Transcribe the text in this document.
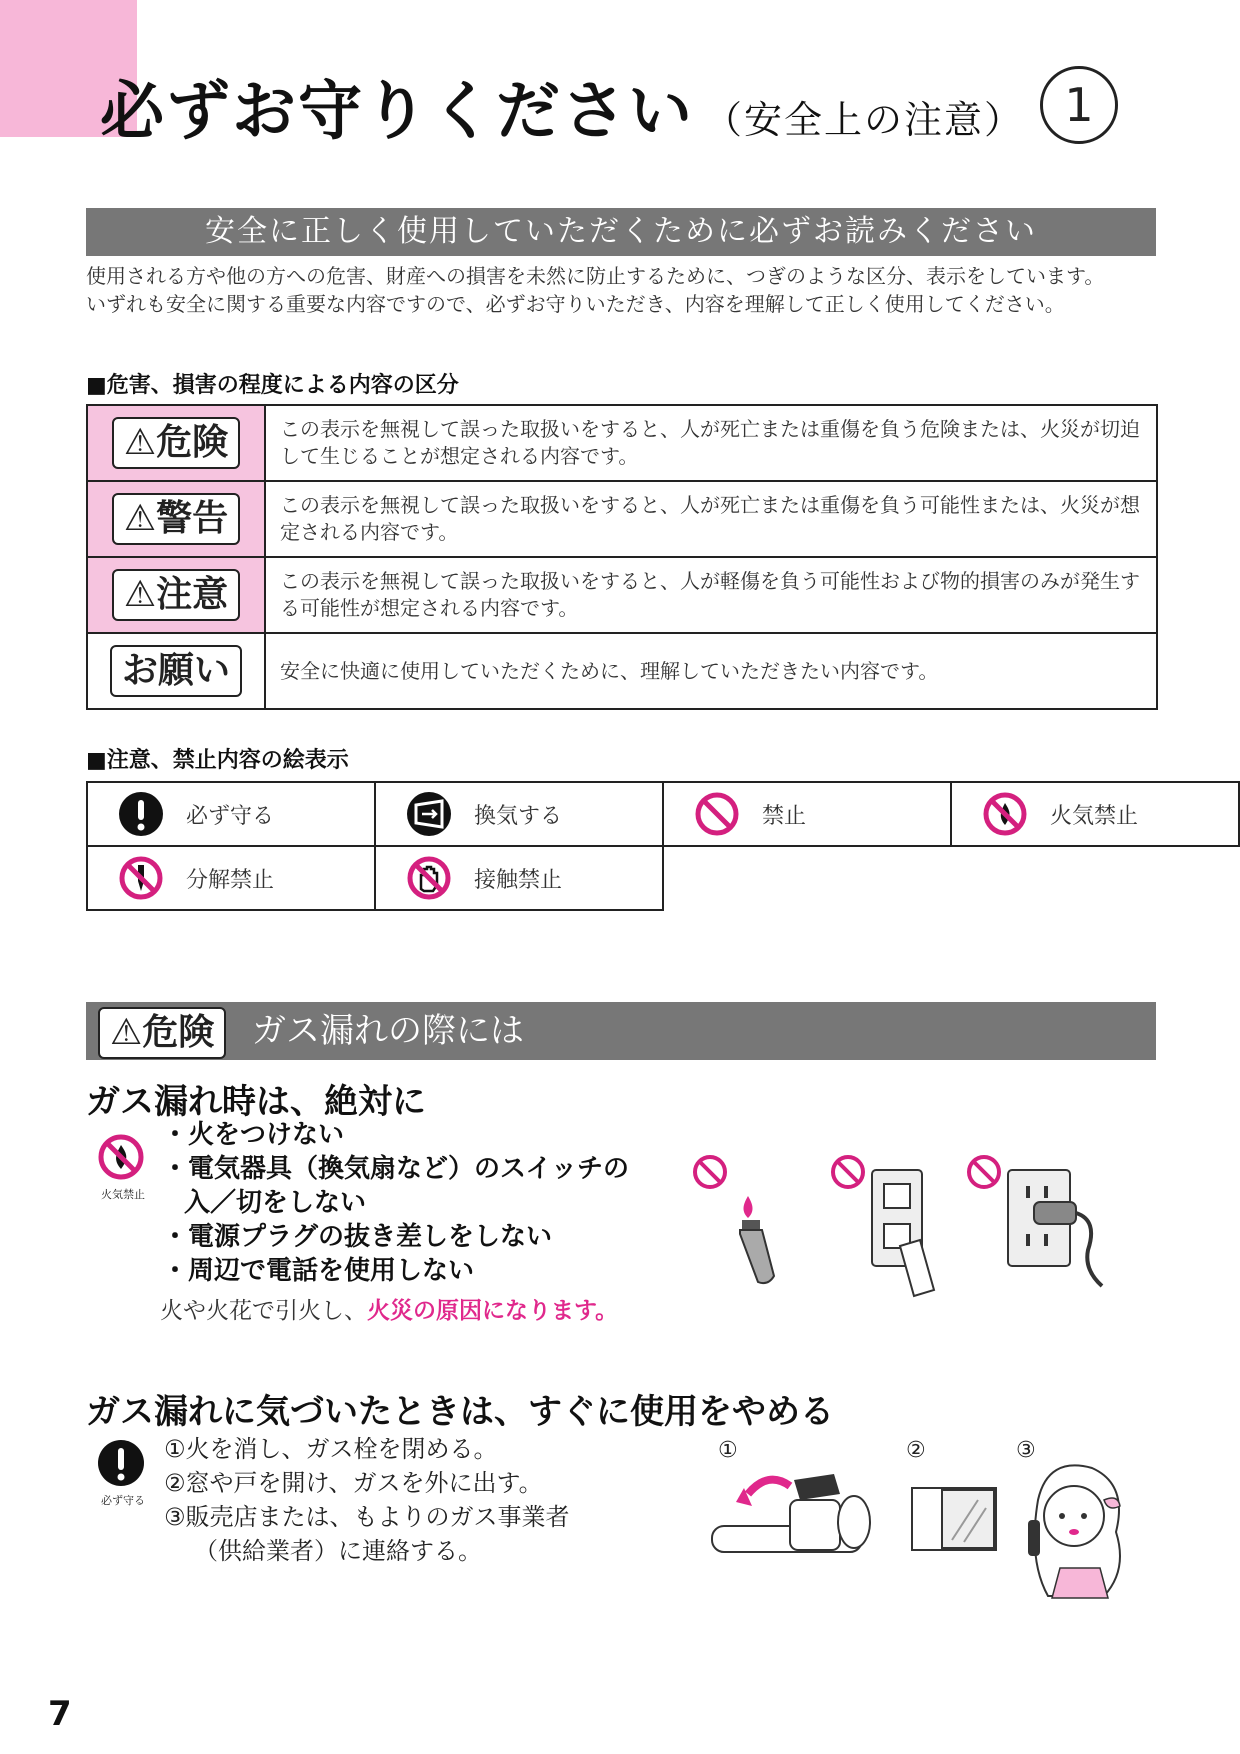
必ずお守りください （安全上の注意） 1
安全に正しく使用していただくために必ずお読みください
使用される方や他の方への危害、財産への損害を未然に防止するために、つぎのような区分、表示をしています。
いずれも安全に関する重要な内容ですので、必ずお守りいただき、内容を理解して正しく使用してください。
■危害、損害の程度による内容の区分
⚠危険	この表示を無視して誤った取扱いをすると、人が死亡または重傷を負う危険または、火災が切迫して生じることが想定される内容です。
⚠警告	この表示を無視して誤った取扱いをすると、人が死亡または重傷を負う可能性または、火災が想定される内容です。
⚠注意	この表示を無視して誤った取扱いをすると、人が軽傷を負う可能性および物的損害のみが発生する可能性が想定される内容です。
お願い	安全に快適に使用していただくために、理解していただきたい内容です。
■注意、禁止内容の絵表示
必ず守る	換気する	禁止	火気禁止

分解禁止	接触禁止		

⚠危険	ガス漏れの際には
ガス漏れ時は、絶対に
火気禁止
・火をつけない
・電気器具（換気扇など）のスイッチの
入／切をしない
・電源プラグの抜き差しをしない
・周辺で電話を使用しない
火や火花で引火し、火災の原因になります。
ガス漏れに気づいたときは、すぐに使用をやめる
必ず守る
①火を消し、ガス栓を閉める。
②窓や戸を開け、ガスを外に出す。
③販売店または、もよりのガス事業者
（供給業者）に連絡する。
①	②	③
7
